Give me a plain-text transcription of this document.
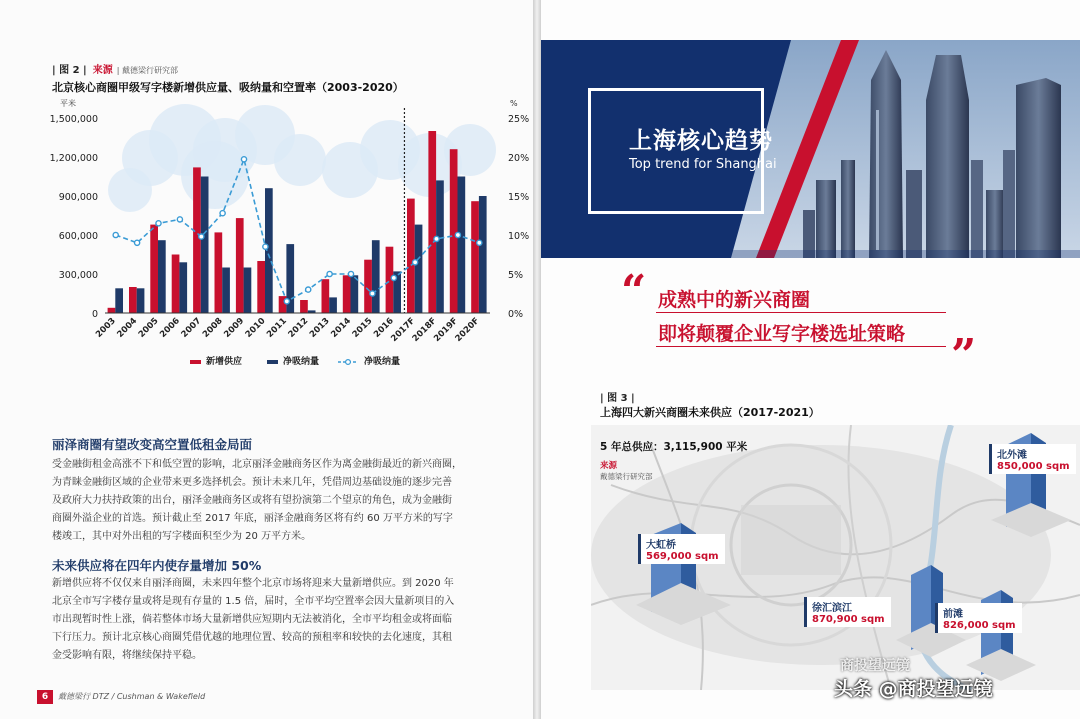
| 图 2 | 来源 | 戴德梁行研究部
北京核心商圈甲级写字楼新增供应量、吸纳量和空置率（2003-2020）
平米	%
1,500,000
1,200,000
900,000
600,000
300,000
0
25%
20%
15%
10%
5%
0%
2003
2004
2005
2006
2007
2008
2009
2010
2011
2012
2013
2014
2015
2016
2017F
2018F
2019F
2020F
新增供应	净吸纳量	净吸纳量
丽泽商圈有望改变高空置低租金局面
受金融街租金高涨不下和低空置的影响，北京丽泽金融商务区作为离金融街最近的新兴商圈，
为青睐金融街区域的企业带来更多选择机会。预计未来几年，凭借周边基础设施的逐步完善
及政府大力扶持政策的出台，丽泽金融商务区或将有望扮演第二个望京的角色，成为金融街
商圈外溢企业的首选。预计截止至 2017 年底，丽泽金融商务区将有约 60 万平方米的写字
楼竣工，其中对外出租的写字楼面积至少为 20 万平方米。
未来供应将在四年内使存量增加 50%
新增供应将不仅仅来自丽泽商圈，未来四年整个北京市场将迎来大量新增供应。到 2020 年
北京全市写字楼存量或将是现有存量的 1.5 倍，届时，全市平均空置率会因大量新项目的入
市出现暂时性上涨，倘若整体市场大量新增供应短期内无法被消化，全市平均租金或将面临
下行压力。预计北京核心商圈凭借优越的地理位置、较高的预租率和较快的去化速度，其租
金受影响有限，将继续保持平稳。
6	戴德梁行 DTZ / Cushman & Wakefield
上海核心趋势
Top trend for Shanghai
“ 成熟中的新兴商圈
即将颠覆企业写字楼选址策略 ”
| 图 3 |
上海四大新兴商圈未来供应（2017-2021）
北外滩
850,000 sqm
大虹桥
569,000 sqm
徐汇滨江
870,900 sqm	前滩
826,000 sqm
5 年总供应：3,115,900 平米
来源
戴德梁行研究部
商投望远镜
头条 @商投望远镜
